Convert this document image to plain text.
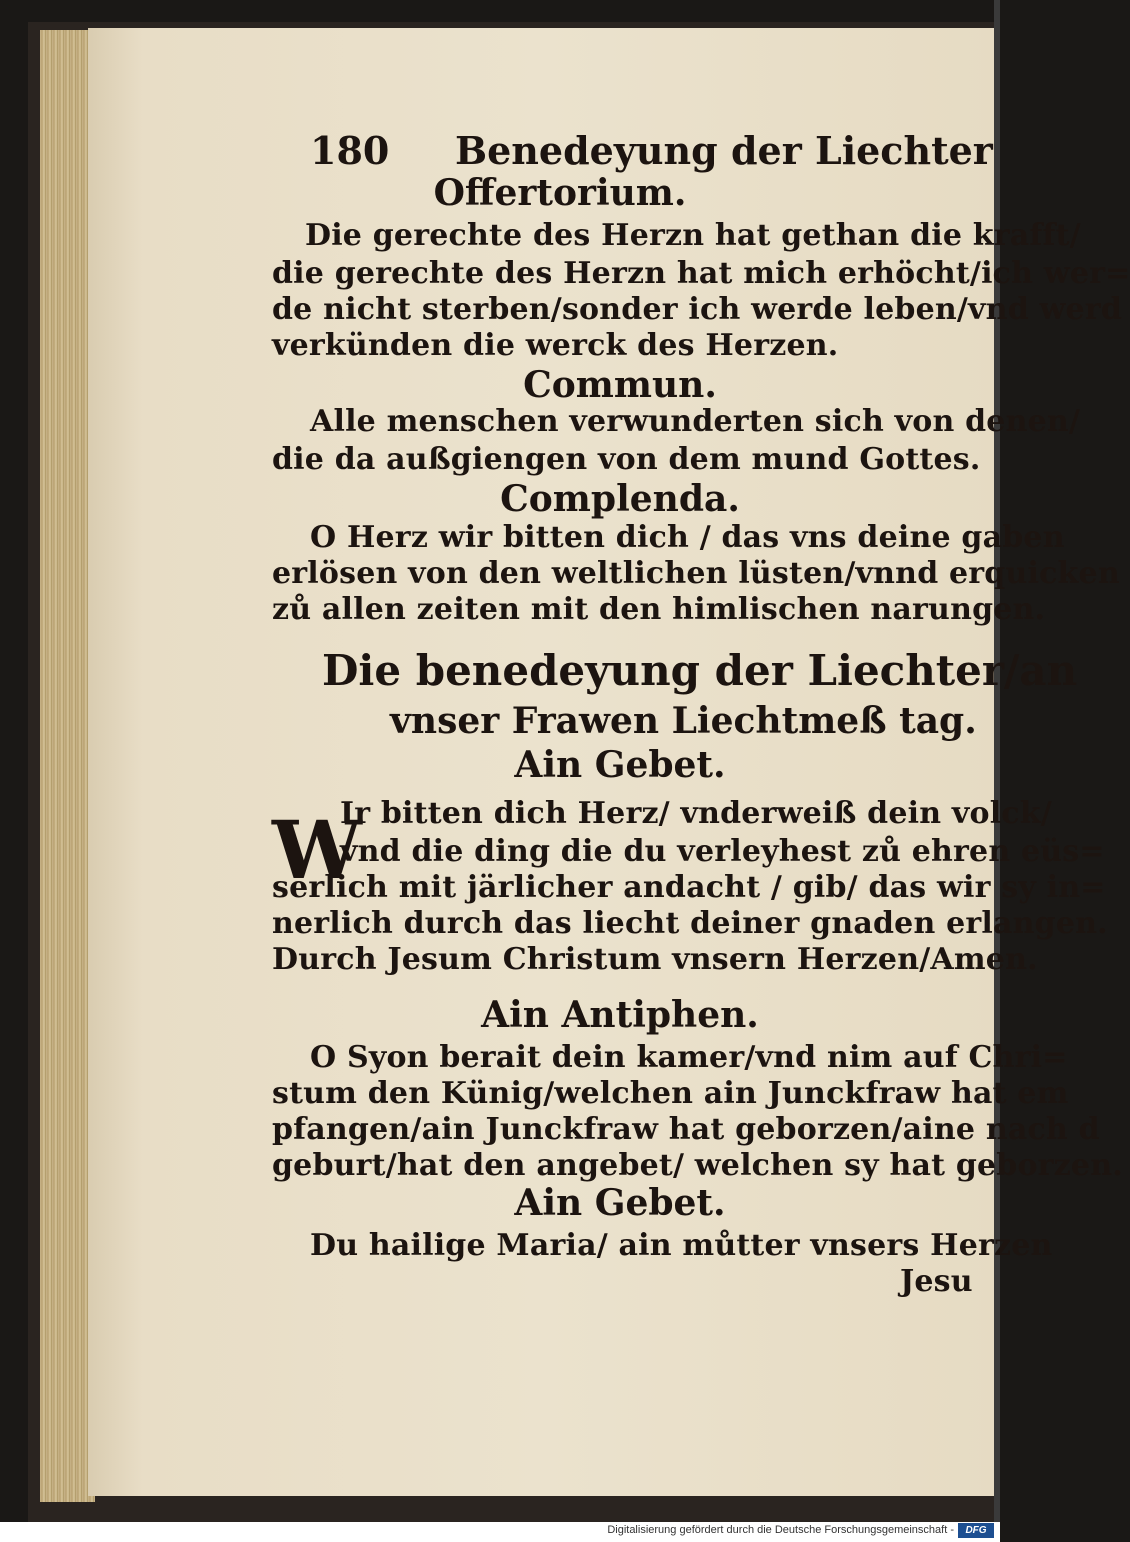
180 Benedeyung der Liechter
Offertorium.
Die gerechte des Herzn hat gethan die krafft/
die gerechte des Herzn hat mich erhöcht/ich wer=
de nicht sterben/sonder ich werde leben/vnd werd
verkünden die werck des Herzen.
Commun.
Alle menschen verwunderten sich von denen/
die da außgiengen von dem mund Gottes.
Complenda.
O Herz wir bitten dich / das vns deine gaben
erlösen von den weltlichen lüsten/vnnd erquicken
zů allen zeiten mit den himlischen narungen.
Die benedeyung der Liechter/an
vnser Frawen Liechtmeß tag.
Ain Gebet.
W
Ir bitten dich Herz/ vnderweiß dein volck/
vnd die ding die du verleyhest zů ehren eüs=
serlich mit järlicher andacht / gib/ das wir sy in=
nerlich durch das liecht deiner gnaden erlangen.
Durch Jesum Christum vnsern Herzen/Amen.
Ain Antiphen.
O Syon berait dein kamer/vnd nim auf Chri=
stum den Künig/welchen ain Junckfraw hat em
pfangen/ain Junckfraw hat geborzen/aine nach d
geburt/hat den angebet/ welchen sy hat geborzen.
Ain Gebet.
Du hailige Maria/ ain můtter vnsers Herzen
Jesu
Digitalisierung gefördert durch die Deutsche Forschungsgemeinschaft -	DFG
